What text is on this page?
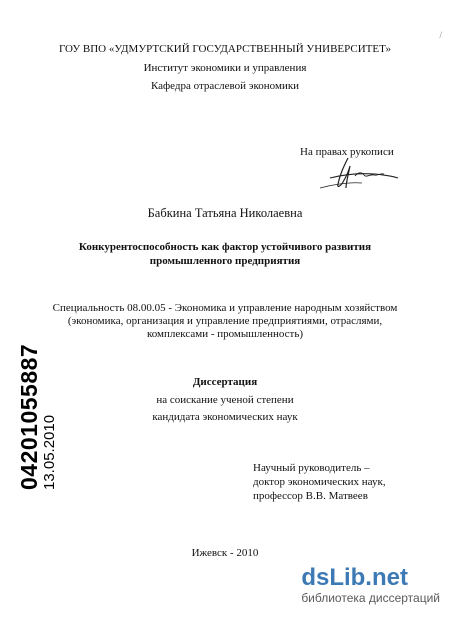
/
ГОУ ВПО «УДМУРТСКИЙ ГОСУДАРСТВЕННЫЙ УНИВЕРСИТЕТ»
Институт экономики и управления
Кафедра отраслевой экономики
На правах рукописи
Бабкина Татьяна Николаевна
Конкурентоспособность как фактор устойчивого развития
промышленного предприятия
Специальность 08.00.05 - Экономика и управление народным хозяйством
(экономика, организация и управление предприятиями, отраслями,
комплексами - промышленность)
Диссертация
на соискание ученой степени
кандидата экономических наук
04201055887 13.05.2010	Научный руководитель –
доктор экономических наук,
профессор В.В. Матвеев
Ижевск - 2010
dsLib.net
библиотека диссертаций
